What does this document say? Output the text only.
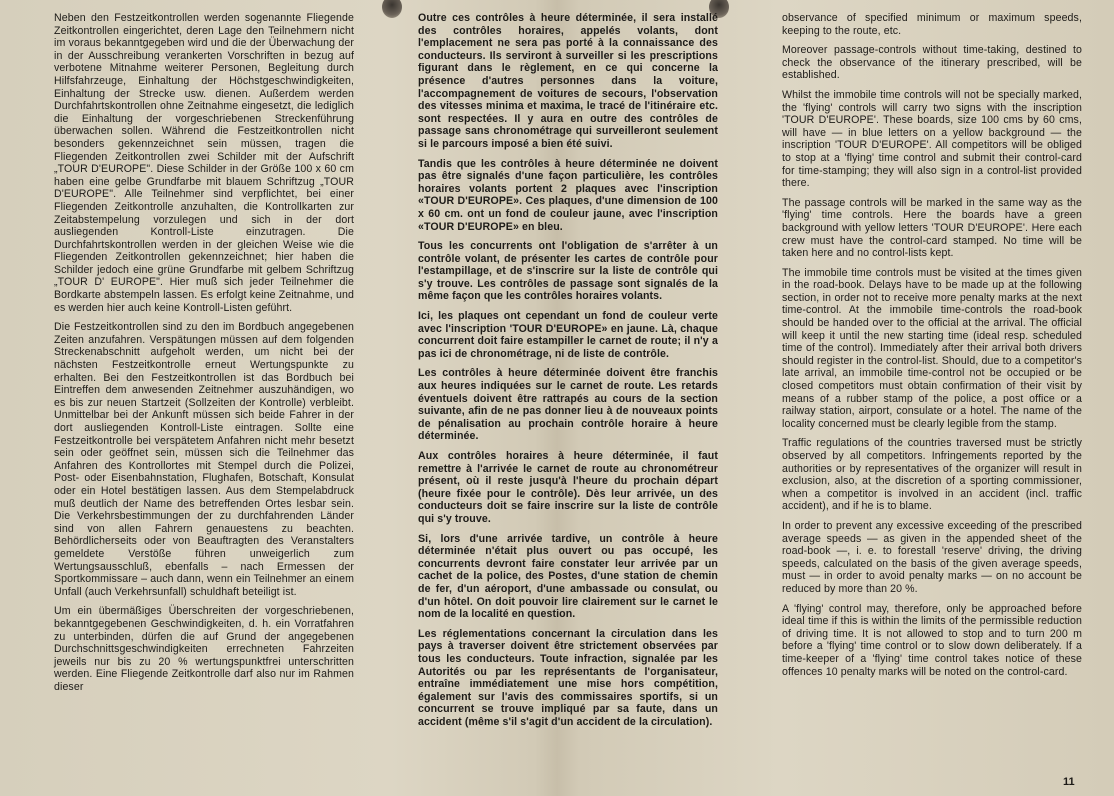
Neben den Festzeitkontrollen werden sogenannte Fliegende Zeitkontrollen eingerichtet, deren Lage den Teilnehmern nicht im voraus bekanntgegeben wird und die der Überwachung der in der Ausschreibung verankerten Vorschriften in bezug auf verbotene Mitnahme weiterer Personen, Begleitung durch Hilfsfahrzeuge, Einhaltung der Höchstgeschwindigkeiten, Einhaltung der Strecke usw. dienen. Außerdem werden Durchfahrtskontrollen ohne Zeitnahme eingesetzt, die lediglich die Einhaltung der vorgeschriebenen Streckenführung überwachen sollen. Während die Festzeitkontrollen nicht besonders gekennzeichnet sein müssen, tragen die Fliegenden Zeitkontrollen zwei Schilder mit der Aufschrift „TOUR D'EUROPE". Diese Schilder in der Größe 100 x 60 cm haben eine gelbe Grundfarbe mit blauem Schriftzug „TOUR D'EUROPE". Alle Teilnehmer sind verpflichtet, bei einer Fliegenden Zeitkontrolle anzuhalten, die Kontrollkarten zur Zeitabstempelung vorzulegen und sich in der dort ausliegenden Kontroll-Liste einzutragen. Die Durchfahrtskontrollen werden in der gleichen Weise wie die Fliegenden Zeitkontrollen gekennzeichnet; hier haben die Schilder jedoch eine grüne Grundfarbe mit gelbem Schriftzug „TOUR D' EUROPE". Hier muß sich jeder Teilnehmer die Bordkarte abstempeln lassen. Es erfolgt keine Zeitnahme, und es werden hier auch keine Kontroll-Listen geführt.

Die Festzeitkontrollen sind zu den im Bordbuch angegebenen Zeiten anzufahren. Verspätungen müssen auf dem folgenden Streckenabschnitt aufgeholt werden, um nicht bei der nächsten Festzeitkontrolle erneut Wertungspunkte zu erhalten. Bei den Festzeitkontrollen ist das Bordbuch bei Eintreffen dem anwesenden Zeitnehmer auszuhändigen, wo es bis zur neuen Startzeit (Sollzeiten der Kontrolle) verbleibt. Unmittelbar bei der Ankunft müssen sich beide Fahrer in der dort ausliegenden Kontroll-Liste eintragen. Sollte eine Festzeitkontrolle bei verspätetem Anfahren nicht mehr besetzt sein oder geöffnet sein, müssen sich die Teilnehmer das Anfahren des Kontrollortes mit Stempel durch die Polizei, Post- oder Eisenbahnstation, Flughafen, Botschaft, Konsulat oder ein Hotel bestätigen lassen. Aus dem Stempelabdruck muß deutlich der Name des betreffenden Ortes lesbar sein. Die Verkehrsbestimmungen der zu durchfahrenden Länder sind von allen Fahrern genauestens zu beachten. Behördlicherseits oder von Beauftragten des Veranstalters gemeldete Verstöße führen unweigerlich zum Wertungsausschluß, ebenfalls – nach Ermessen der Sportkommissare – auch dann, wenn ein Teilnehmer an einem Unfall (auch Verkehrsunfall) schuldhaft beteiligt ist.

Um ein übermäßiges Überschreiten der vorgeschriebenen, bekanntgegebenen Geschwindigkeiten, d. h. ein Vorratfahren zu unterbinden, dürfen die auf Grund der angegebenen Durchschnittsgeschwindigkeiten errechneten Fahrzeiten jeweils nur bis zu 20 % wertungspunktfrei unterschritten werden. Eine Fliegende Zeitkontrolle darf also nur im Rahmen dieser

Outre ces contrôles à heure déterminée, il sera installé des contrôles horaires, appelés volants, dont l'emplacement ne sera pas porté à la connaissance des conducteurs. Ils serviront à surveiller si les prescriptions figurant dans le règlement, en ce qui concerne la présence d'autres personnes dans la voiture, l'accompagnement de voitures de secours, l'observation des vitesses minima et maxima, le tracé de l'itinéraire etc. sont respectées. Il y aura en outre des contrôles de passage sans chronométrage qui surveilleront seulement si le parcours imposé a bien été suivi.

Tandis que les contrôles à heure déterminée ne doivent pas être signalés d'une façon particulière, les contrôles horaires volants portent 2 plaques avec l'inscription «TOUR D'EUROPE». Ces plaques, d'une dimension de 100 x 60 cm. ont un fond de couleur jaune, avec l'inscription «TOUR D'EUROPE» en bleu.

Tous les concurrents ont l'obligation de s'arrêter à un contrôle volant, de présenter les cartes de contrôle pour l'estampillage, et de s'inscrire sur la liste de contrôle qui s'y trouve. Les contrôles de passage sont signalés de la même façon que les contrôles horaires volants.

Ici, les plaques ont cependant un fond de couleur verte avec l'inscription 'TOUR D'EUROPE» en jaune. Là, chaque concurrent doit faire estampiller le carnet de route; il n'y a pas ici de chronométrage, ni de liste de contrôle.

Les contrôles à heure déterminée doivent être franchis aux heures indiquées sur le carnet de route. Les retards éventuels doivent être rattrapés au cours de la section suivante, afin de ne pas donner lieu à de nouveaux points de pénalisation au prochain contrôle horaire à heure déterminée.

Aux contrôles horaires à heure déterminée, il faut remettre à l'arrivée le carnet de route au chronométreur présent, où il reste jusqu'à l'heure du prochain départ (heure fixée pour le contrôle). Dès leur arrivée, un des conducteurs doit se faire inscrire sur la liste de contrôle qui s'y trouve.

Si, lors d'une arrivée tardive, un contrôle à heure déterminée n'était plus ouvert ou pas occupé, les concurrents devront faire constater leur arrivée par un cachet de la police, des Postes, d'une station de chemin de fer, d'un aéroport, d'une ambassade ou consulat, ou d'un hôtel. On doit pouvoir lire clairement sur le carnet le nom de la localité en question.

Les réglementations concernant la circulation dans les pays à traverser doivent être strictement observées par tous les conducteurs. Toute infraction, signalée par les Autorités ou par les représentants de l'organisateur, entraîne immédiatement une mise hors compétition, également sur l'avis des commissaires sportifs, si un concurrent se trouve impliqué par sa faute, dans un accident (même s'il s'agit d'un accident de la circulation).

observance of specified minimum or maximum speeds, keeping to the route, etc.

Moreover passage-controls without time-taking, destined to check the observance of the itinerary prescribed, will be established.

Whilst the immobile time controls will not be specially marked, the 'flying' controls will carry two signs with the inscription 'TOUR D'EUROPE'. These boards, size 100 cms by 60 cms, will have — in blue letters on a yellow background — the inscription 'TOUR D'EUROPE'. All competitors will be obliged to stop at a 'flying' time control and submit their control-card for time-stamping; they will also sign in a control-list provided there.

The passage controls will be marked in the same way as the 'flying' time controls. Here the boards have a green background with yellow letters 'TOUR D'EUROPE'. Here each crew must have the control-card stamped. No time will be taken here and no control-lists kept.

The immobile time controls must be visited at the times given in the road-book. Delays have to be made up at the following section, in order not to receive more penalty marks at the next time-control. At the immobile time-controls the road-book should be handed over to the official at the arrival. The official will keep it until the new starting time (ideal resp. scheduled time of the control). Immediately after their arrival both drivers should register in the control-list. Should, due to a competitor's late arrival, an immobile time-control not be occupied or be closed competitors must obtain confirmation of their visit by means of a rubber stamp of the police, a post office or a railway station, airport, consulate or a hotel. The name of the locality concerned must be clearly legible from the stamp.

Traffic regulations of the countries traversed must be strictly observed by all competitors. Infringements reported by the authorities or by representatives of the organizer will result in exclusion, also, at the discretion of a sporting commissioner, when a competitor is involved in an accident (incl. traffic accident), and if he is to blame.

In order to prevent any excessive exceeding of the prescribed average speeds — as given in the appended sheet of the road-book —, i. e. to forestall 'reserve' driving, the driving speeds, calculated on the basis of the given average speeds, must — in order to avoid penalty marks — on no account be reduced by more than 20 %.

A 'flying' control may, therefore, only be approached before ideal time if this is within the limits of the permissible reduction of driving time. It is not allowed to stop and to turn 200 m before a 'flying' time control or to slow down deliberately. If a time-keeper of a 'flying' time control takes notice of these offences 10 penalty marks will be noted on the control-card.

11
